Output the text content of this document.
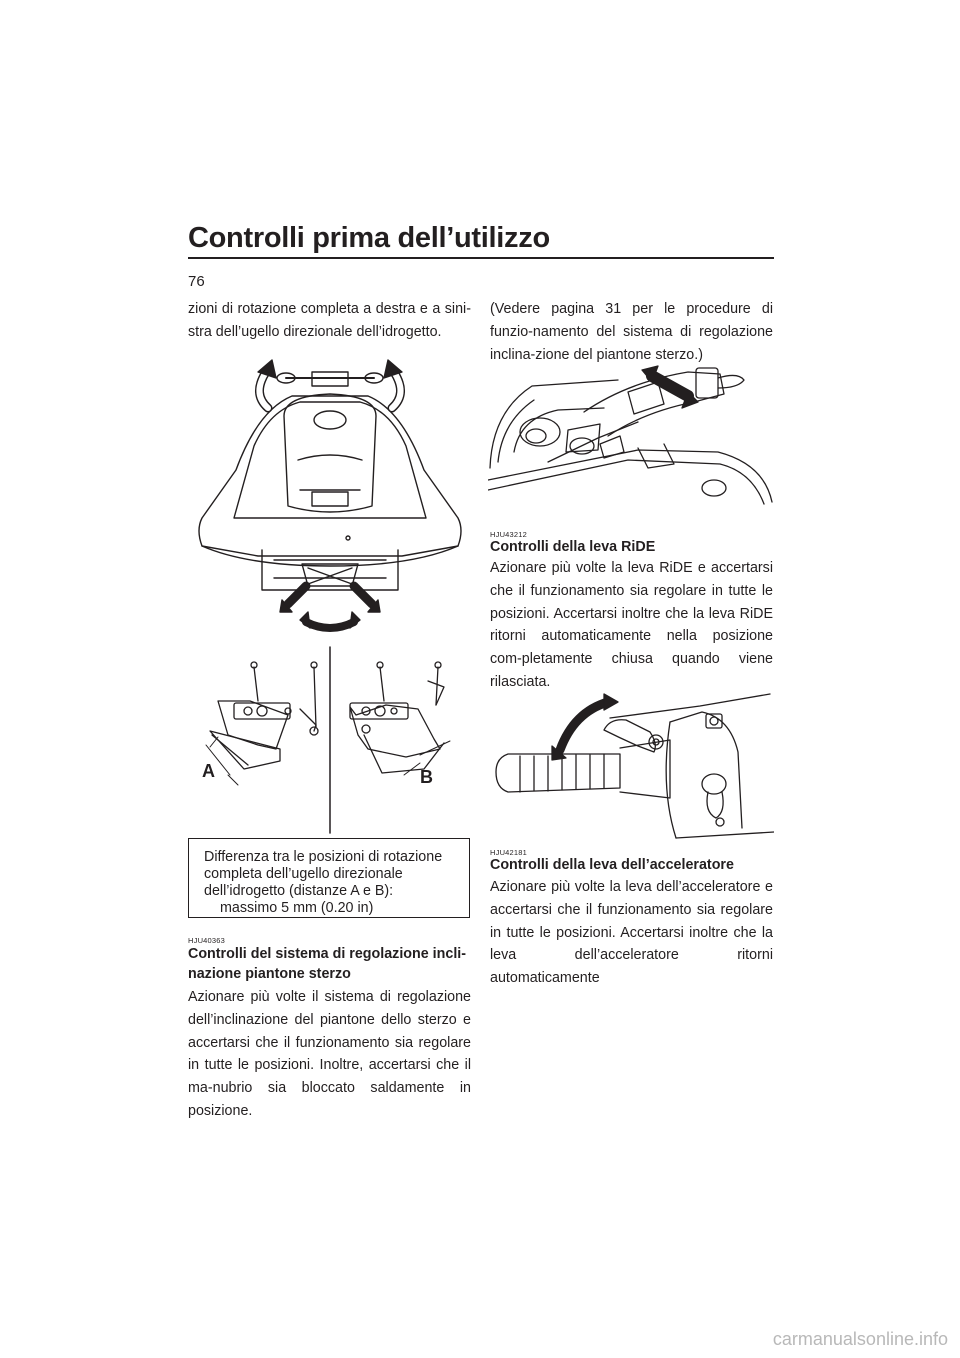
Controlli prima dell’utilizzo
76

zioni di rotazione completa a destra e a sini-stra dell’ugello direzionale dell’idrogetto.

A	B
Differenza tra le posizioni di rotazione
completa dell’ugello direzionale
dell’idrogetto (distanze A e B):
massimo 5 mm (0.20 in)
HJU40363
Controlli del sistema di regolazione incli-nazione piantone sterzo

Azionare più volte il sistema di regolazione dell’inclinazione del piantone dello sterzo e accertarsi che il funzionamento sia regolare in tutte le posizioni. Inoltre, accertarsi che il ma-nubrio sia bloccato saldamente in posizione.

(Vedere pagina 31 per le procedure di funzio-namento del sistema di regolazione inclina-zione del piantone sterzo.)

HJU43212
Controlli della leva RiDE

Azionare più volte la leva RiDE e accertarsi che il funzionamento sia regolare in tutte le posizioni. Accertarsi inoltre che la leva RiDE ritorni automaticamente nella posizione com-pletamente chiusa quando viene rilasciata.

HJU42181
Controlli della leva dell’acceleratore

Azionare più volte la leva dell’acceleratore e accertarsi che il funzionamento sia regolare in tutte le posizioni. Accertarsi inoltre che la leva dell’acceleratore ritorni automaticamente

carmanualsonline.info
